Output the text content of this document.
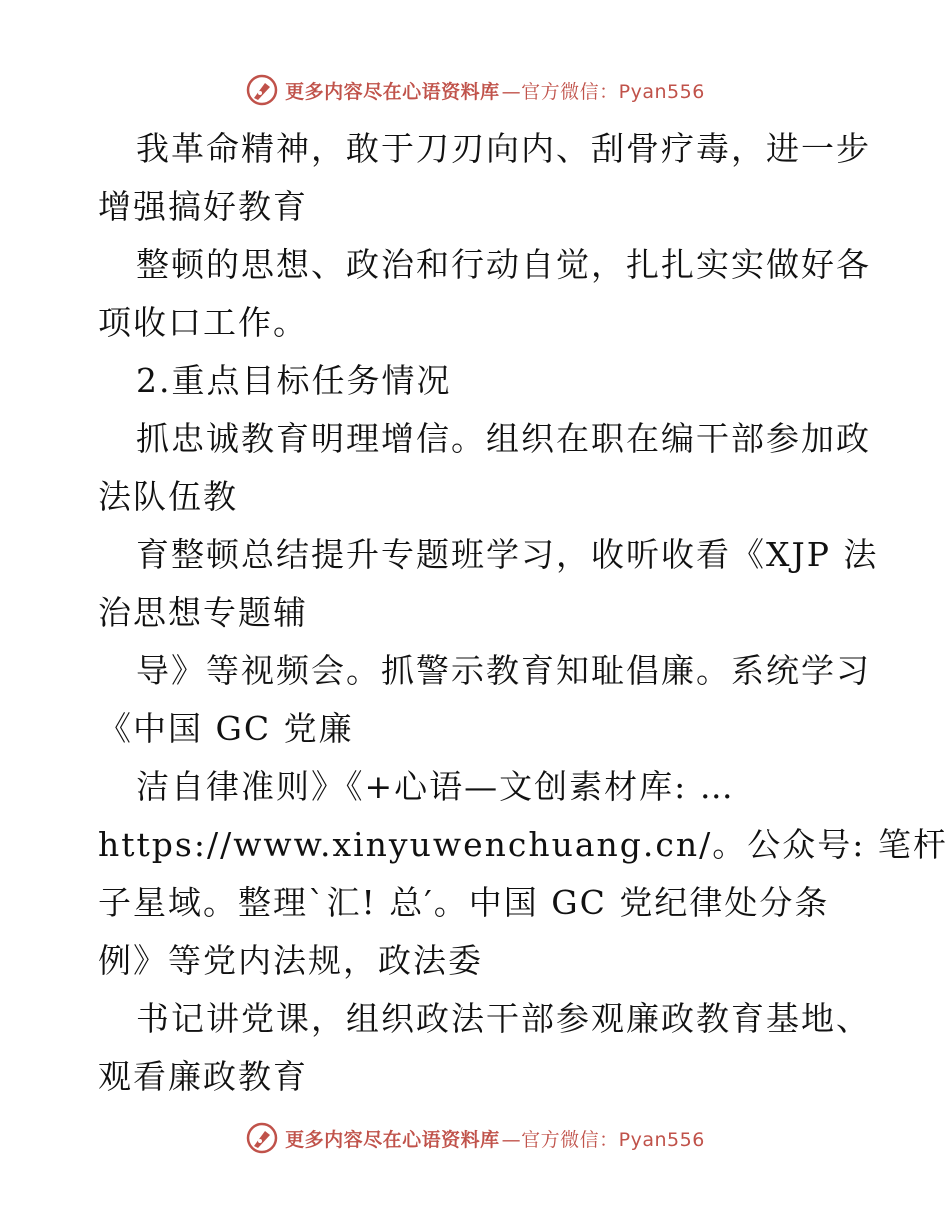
更多内容尽在心语资料库 —官方微信：Pyan556
我革命精神，敢于刀刃向内、刮骨疗毒，进一步
增强搞好教育
整顿的思想、政治和行动自觉，扎扎实实做好各
项收口工作。
2.重点目标任务情况
抓忠诚教育明理增信。组织在职在编干部参加政
法队伍教
育整顿总结提升专题班学习，收听收看《XJP 法
治思想专题辅
导》等视频会。抓警示教育知耻倡廉。系统学习
《中国 GC 党廉
洁自律准则》《+心语—文创素材库: …
https://www.xinyuwenchuang.cn/。公众号: 笔杆
子星域。整理`汇! 总′。中国 GC 党纪律处分条
例》等党内法规，政法委
书记讲党课，组织政法干部参观廉政教育基地、
观看廉政教育
更多内容尽在心语资料库 —官方微信：Pyan556
